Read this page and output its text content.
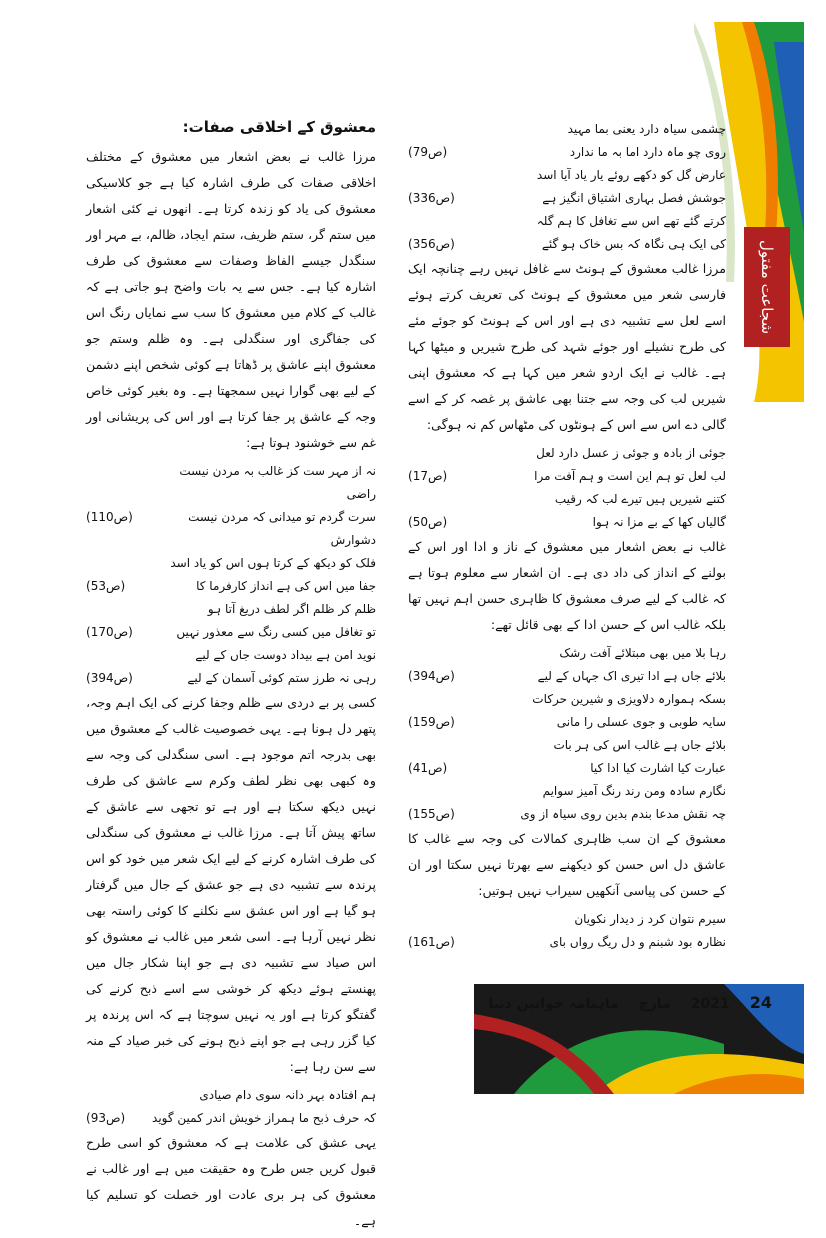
شجاعت مفتول
چشمی سیاہ دارد یعنی بما مہید
روی چو ماہ دارد اما بہ ما ندارد
(ص79)
عارض گل کو دکھے روئے یار یاد آیا اسد
جوشش فصل بہاری اشتیاق انگیز ہے
(ص336)
کرتے گئے تھے اس سے تغافل کا ہم گلہ
کی ایک ہی نگاہ کہ بس خاک ہو گئے
(ص356)

مرزا غالب معشوق کے ہونٹ سے غافل نہیں رہے چنانچہ ایک فارسی شعر میں معشوق کے ہونٹ کی تعریف کرتے ہوئے اسے لعل سے تشبیہ دی ہے اور اس کے ہونٹ کو جوئے مئے کی طرح نشیلے اور جوئے شہد کی طرح شیریں و میٹھا کہا ہے۔ غالب نے ایک اردو شعر میں کہا ہے کہ معشوق اپنی شیریں لب کی وجہ سے جتنا بھی عاشق پر غصہ کر کے اسے گالی دے اس سے اس کے ہونٹوں کی مٹھاس کم نہ ہوگی:

جوئی از بادہ و جوئی ز عسل دارد لعل
لب لعل تو ہم این است و ہم آفت مرا
(ص17)
کتنے شیریں ہیں تیرے لب کہ رقیب
گالیاں کھا کے بے مزا نہ ہوا
(ص50)

غالب نے بعض اشعار میں معشوق کے ناز و ادا اور اس کے بولنے کے انداز کی داد دی ہے۔ ان اشعار سے معلوم ہوتا ہے کہ غالب کے لیے صرف معشوق کا ظاہری حسن اہم نہیں تھا بلکہ غالب اس کے حسن ادا کے بھی قائل تھے:

رہا بلا میں بھی مبتلائے آفت رشک
بلائے جاں ہے ادا تیری اک جہاں کے لیے
(ص394)
بسکہ ہموارہ دلاویزی و شیرین حرکات
سایہ طوبی و جوی عسلی را مانی
(ص159)
بلائے جاں ہے غالب اس کی ہر بات
عبارت کیا اشارت کیا ادا کیا
(ص41)
نگارم سادہ ومن رند رنگ آمیز سوایم
چہ نقش مدعا بندم بدین روی سیاہ از وی
(ص155)

معشوق کے ان سب ظاہری کمالات کی وجہ سے غالب کا عاشق دل اس حسن کو دیکھنے سے بھرتا نہیں سکتا اور ان کے حسن کی پیاسی آنکھیں سیراب نہیں ہوتیں:

سیرم نتوان کرد ز دیدار نکویان
نظارہ بود شبنم و دل ریگ رواں بای
(ص161)
معشوق کے اخلاقی صفات:

مرزا غالب نے بعض اشعار میں معشوق کے مختلف اخلاقی صفات کی طرف اشارہ کیا ہے جو کلاسیکی معشوق کی یاد کو زندہ کرتا ہے۔ انھوں نے کئی اشعار میں ستم گر، ستم ظریف، ستم ایجاد، ظالم، بے مہر اور سنگدل جیسے الفاظ وصفات سے معشوق کی طرف اشارہ کیا ہے۔ جس سے یہ بات واضح ہو جاتی ہے کہ غالب کے کلام میں معشوق کا سب سے نمایاں رنگ اس کی جفاگری اور سنگدلی ہے۔ وہ ظلم وستم جو معشوق اپنے عاشق پر ڈھاتا ہے کوئی شخص اپنے دشمن کے لیے بھی گوارا نہیں سمجھتا ہے۔ وہ بغیر کوئی خاص وجہ کے عاشق پر جفا کرتا ہے اور اس کی پریشانی اور غم سے خوشنود ہوتا ہے:

نہ از مہر ست کز غالب بہ مردن نیست راضی
سرت گردم تو میدانی کہ مردن نیست دشوارش
(ص110)
فلک کو دیکھ کے کرتا ہوں اس کو یاد اسد
جفا میں اس کی ہے انداز کارفرما کا
(ص53)
ظلم کر ظلم اگر لطف دریغ آتا ہو
تو تغافل میں کسی رنگ سے معذور نہیں
(ص170)
نوید امن ہے بیداد دوست جاں کے لیے
رہی نہ طرز ستم کوئی آسمان کے لیے
(ص394)

کسی پر بے دردی سے ظلم وجفا کرنے کی ایک اہم وجہ، پتھر دل ہونا ہے۔ یہی خصوصیت غالب کے معشوق میں بھی بدرجہ اتم موجود ہے۔ اسی سنگدلی کی وجہ سے وہ کبھی بھی نظر لطف وکرم سے عاشق کی طرف نہیں دیکھ سکتا ہے اور ہے تو تجھی سے عاشق کے ساتھ پیش آتا ہے۔ مرزا غالب نے معشوق کی سنگدلی کی طرف اشارہ کرنے کے لیے ایک شعر میں خود کو اس پرندہ سے تشبیہ دی ہے جو عشق کے جال میں گرفتار ہو گیا ہے اور اس عشق سے نکلنے کا کوئی راستہ بھی نظر نہیں آرہا ہے۔ اسی شعر میں غالب نے معشوق کو اس صیاد سے تشبیہ دی ہے جو اپنا شکار جال میں پھنستے ہوئے دیکھ کر خوشی سے اسے ذبح کرنے کی گفتگو کرتا ہے اور یہ نہیں سوچتا ہے کہ اس پرندہ پر کیا گزر رہی ہے جو اپنے ذبح ہونے کی خبر صیاد کے منہ سے سن رہا ہے:

ہم افتادہ بہر دانہ سوی دام صیادی
کہ حرف ذبح ما ہمراز خویش اندر کمین گوید
(ص93)

یہی عشق کی علامت ہے کہ معشوق کو اسی طرح قبول کریں جس طرح وہ حقیقت میں ہے اور غالب نے معشوق کی ہر بری عادت اور خصلت کو تسلیم کیا ہے۔

24
2021
مارچ
ماہنامہ خواتین دنیا
